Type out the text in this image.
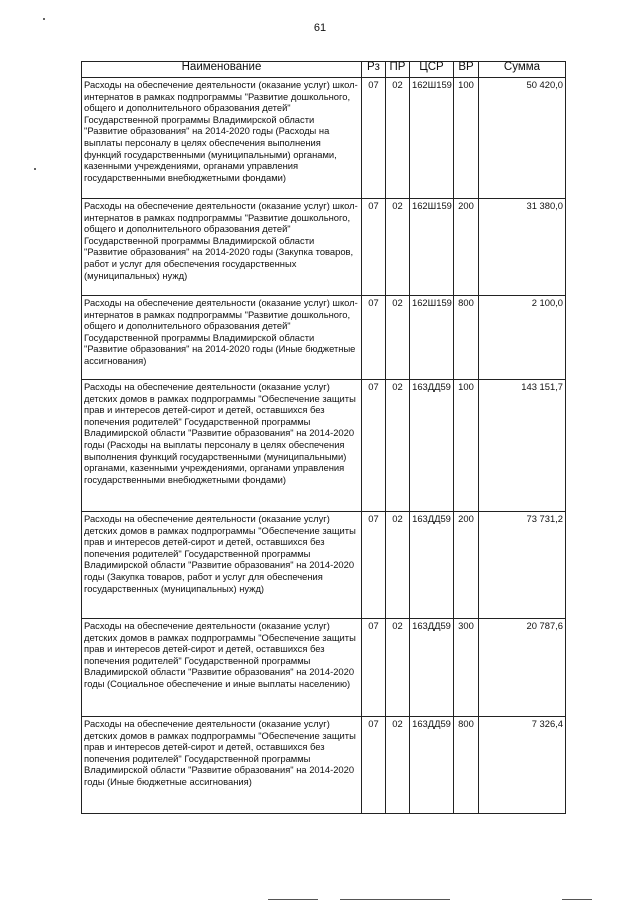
61
Наименование	Рз	ПР	ЦСР	ВР	Сумма
Расходы на обеспечение деятельности (оказание услуг) школ-интернатов в рамках подпрограммы "Развитие дошкольного, общего и дополнительного образования детей" Государственной программы Владимирской области "Развитие образования" на 2014-2020 годы (Расходы на выплаты персоналу в целях обеспечения выполнения функций государственными (муниципальными) органами, казенными учреждениями, органами управления государственными внебюджетными фондами)	07	02	162Ш159	100	50 420,0
Расходы на обеспечение деятельности (оказание услуг) школ-интернатов в рамках подпрограммы "Развитие дошкольного, общего и дополнительного образования детей" Государственной программы Владимирской области "Развитие образования" на 2014-2020 годы (Закупка товаров, работ и услуг для обеспечения государственных (муниципальных) нужд)	07	02	162Ш159	200	31 380,0
Расходы на обеспечение деятельности (оказание услуг) школ-интернатов в рамках подпрограммы "Развитие дошкольного, общего и дополнительного образования детей" Государственной программы Владимирской области "Развитие образования" на 2014-2020 годы (Иные бюджетные ассигнования)	07	02	162Ш159	800	2 100,0
Расходы на обеспечение деятельности (оказание услуг) детских домов в рамках подпрограммы "Обеспечение защиты прав и интересов детей-сирот и детей, оставшихся без попечения родителей" Государственной программы Владимирской области "Развитие образования" на 2014-2020 годы (Расходы на выплаты персоналу в целях обеспечения выполнения функций государственными (муниципальными) органами, казенными учреждениями, органами управления государственными внебюджетными фондами)	07	02	163ДД59	100	143 151,7
Расходы на обеспечение деятельности (оказание услуг) детских домов в рамках подпрограммы "Обеспечение защиты прав и интересов детей-сирот и детей, оставшихся без попечения родителей" Государственной программы Владимирской области "Развитие образования" на 2014-2020 годы (Закупка товаров, работ и услуг для обеспечения государственных (муниципальных) нужд)	07	02	163ДД59	200	73 731,2
Расходы на обеспечение деятельности (оказание услуг) детских домов в рамках подпрограммы "Обеспечение защиты прав и интересов детей-сирот и детей, оставшихся без попечения родителей" Государственной программы Владимирской области "Развитие образования" на 2014-2020 годы (Социальное обеспечение и иные выплаты населению)	07	02	163ДД59	300	20 787,6
Расходы на обеспечение деятельности (оказание услуг) детских домов в рамках подпрограммы "Обеспечение защиты прав и интересов детей-сирот и детей, оставшихся без попечения родителей" Государственной программы Владимирской области "Развитие образования" на 2014-2020 годы (Иные бюджетные ассигнования)	07	02	163ДД59	800	7 326,4
